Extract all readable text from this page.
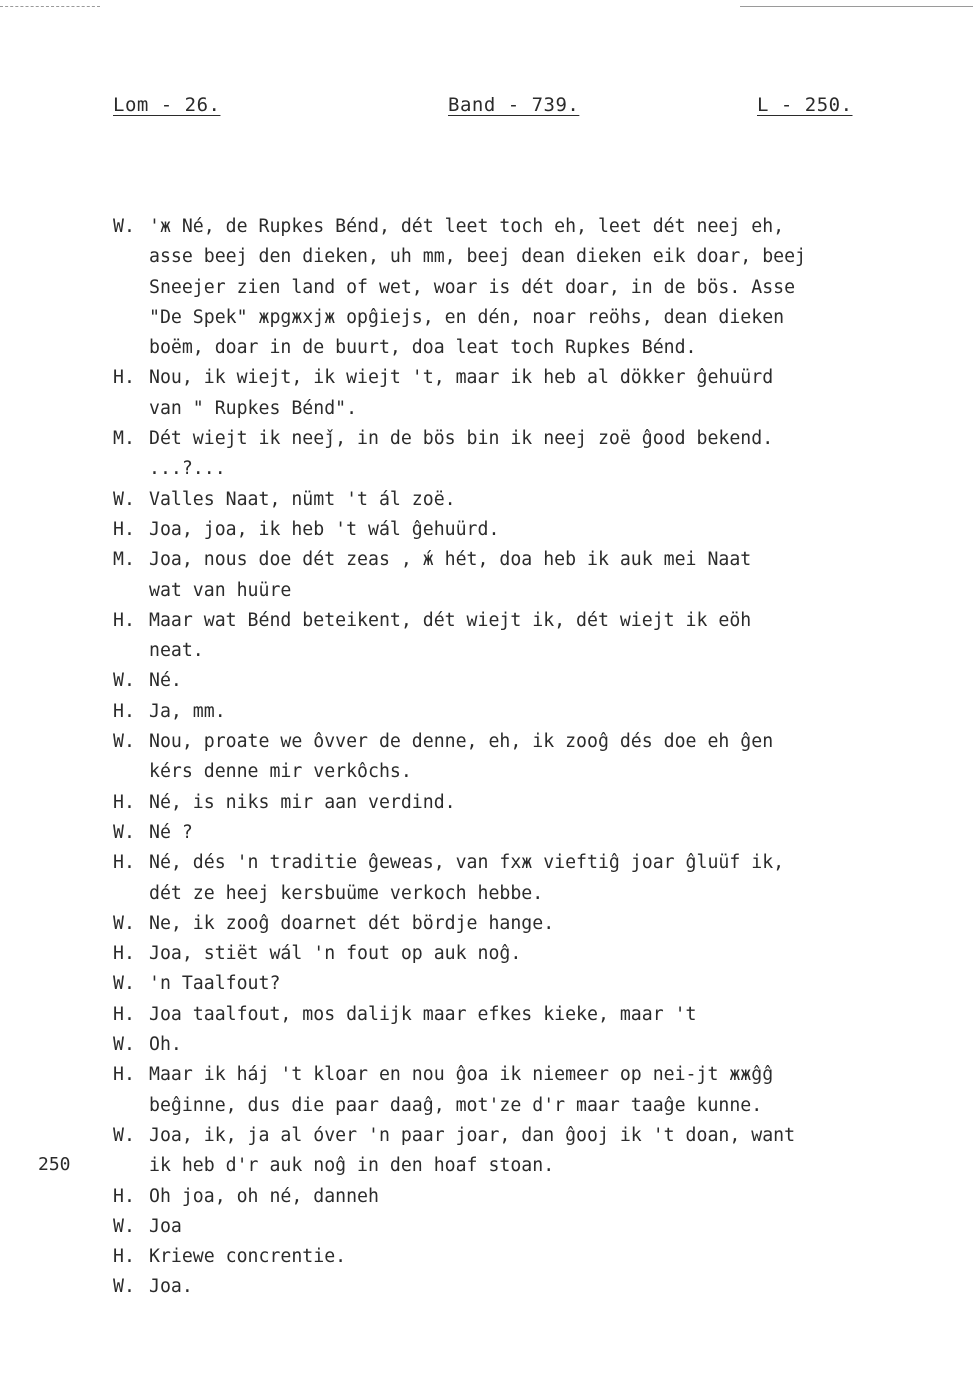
Lom - 26.	Band - 739.	L - 250.
250
W. 'ж Né, de Rupkes Bénd, dét leet toch eh, leet dét neej eh,
asse beej den dieken, uh mm, beej dean dieken eik doar, beej
Sneejer zien land of wet, woar is dét doar, in de bös. Asse
"De Spek" жрgжxjж opĝiejs, en dén, noar reöhs, dean dieken
boëm, doar in de buurt, doa leat toch Rupkes Bénd.
H. Nou, ik wiejt, ik wiejt 't, maar ik heb al dökker ĝehuürd
van " Rupkes Bénd".
M. Dét wiejt ik neeǰ, in de bös bin ik neej zoë ĝood bekend.
...?...
W. Valles Naat, nümt 't ál zoë.
H. Joa, joa, ik heb 't wál ĝehuürd.
M. Joa, nous doe dét zeas , ж́ hét, doa heb ik auk mei Naat
wat van huüre
H. Maar wat Bénd beteikent, dét wiejt ik, dét wiejt ik eöh
neat.
W. Né.
H. Ja, mm.
W. Nou, proate we ôvver de denne, eh, ik zooĝ dés doe eh ĝen
kérs denne mir verkôchs.
H. Né, is niks mir aan verdind.
W. Né ?
H. Né, dés 'n traditie ĝeweas, van fxж vieftiĝ joar ĝluüf ik,
dét ze heej kersbuüme verkoch hebbe.
W. Ne, ik zooĝ doarnet dét bördje hange.
H. Joa, stiët wál 'n fout op auk noĝ.
W. 'n Taalfout?
H. Joa taalfout, mos dalijk maar efkes kieke, maar 't
W. Oh.
H. Maar ik háj 't kloar en nou ĝoa ik niemeer op nei-jt жжĝĝ
beĝinne, dus die paar daaĝ, mot'ze d'r maar taaĝe kunne.
W. Joa, ik, ja al óver 'n paar joar, dan ĝooj ik 't doan, want
ik heb d'r auk noĝ in den hoaf stoan.
H. Oh joa, oh né, danneh
W. Joa
H. Kriewe concrentie.
W. Joa.
